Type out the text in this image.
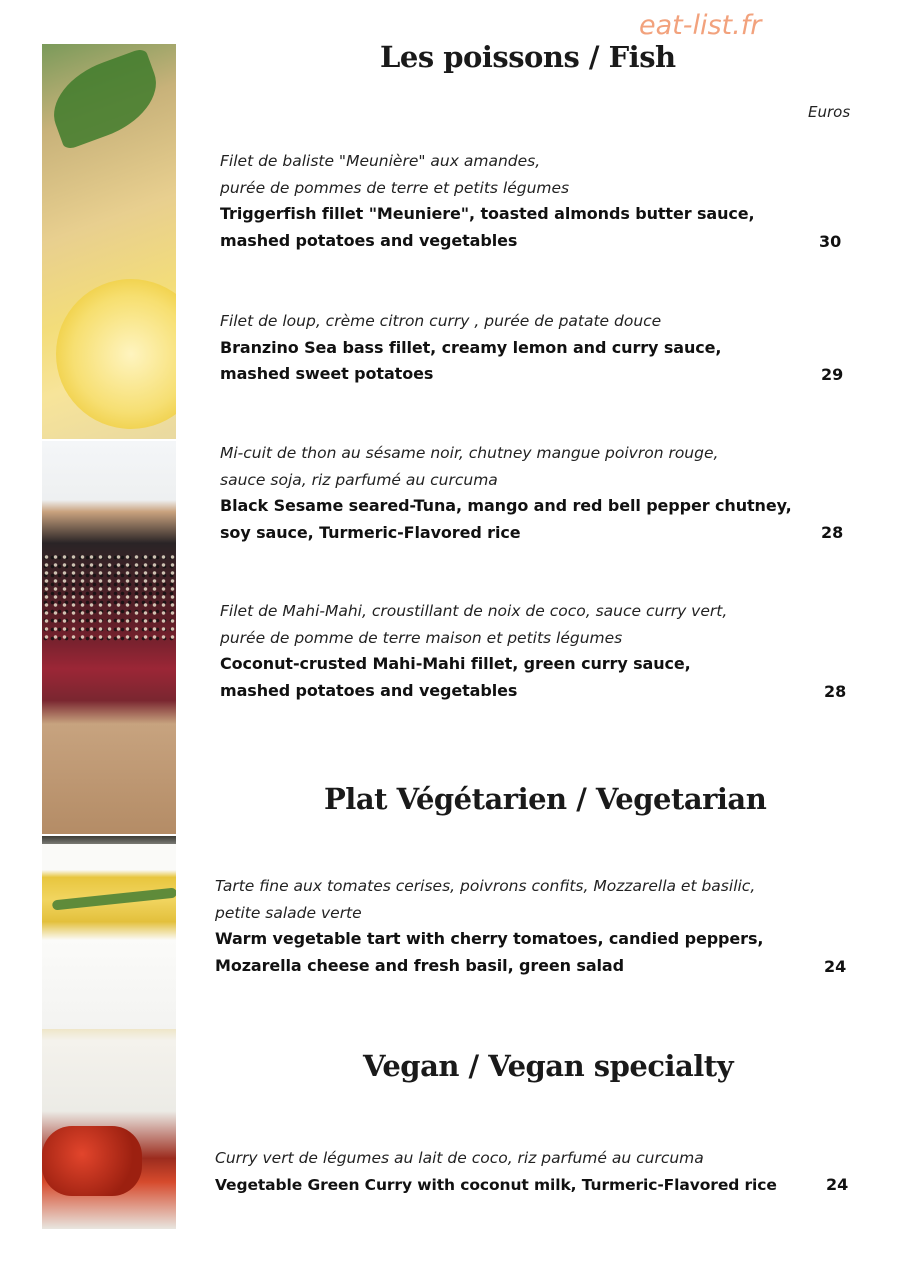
eat-list.fr
Les poissons / Fish
Euros
Filet de baliste "Meunière" aux amandes,
purée de pommes de terre et petits légumes
Triggerfish fillet "Meuniere", toasted almonds butter sauce,
mashed potatoes and vegetables	30
Filet de loup, crème citron curry , purée de patate douce
Branzino Sea bass fillet, creamy lemon and curry sauce,
mashed sweet potatoes	29
Mi-cuit de thon au sésame noir, chutney mangue poivron rouge,
sauce soja, riz parfumé au curcuma
Black Sesame seared-Tuna, mango and red bell pepper chutney,
soy sauce, Turmeric-Flavored rice	28
Filet de Mahi-Mahi, croustillant de noix de coco, sauce curry vert,
purée de pomme de terre maison et petits légumes
Coconut-crusted Mahi-Mahi fillet, green curry sauce,
mashed potatoes and vegetables	28
Plat Végétarien / Vegetarian
Tarte fine aux tomates cerises, poivrons confits, Mozzarella et basilic,
petite salade verte
Warm vegetable tart with cherry tomatoes, candied peppers,
Mozarella cheese and fresh basil, green salad	24
Vegan / Vegan specialty
Curry vert de légumes au lait de coco, riz parfumé au curcuma
Vegetable Green Curry with coconut milk, Turmeric-Flavored rice	24
